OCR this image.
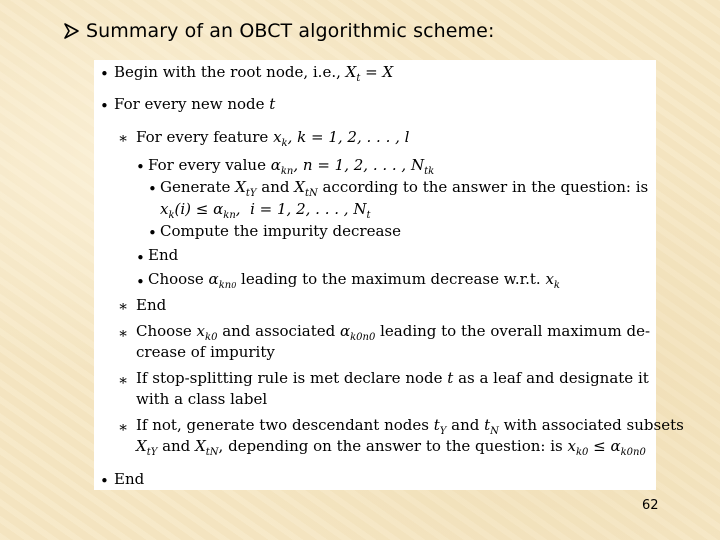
Summary of an OBCT algorithmic scheme:
• Begin with the root node, i.e., $X_t = X$
• For every new node t
∗ For every feature $x_k$, k = 1, 2, . . . , l
• For every value $\alpha_{kn}$, n = 1, 2, . . . , $N_{tk}$
• Generate $X_{tY}$ and $X_{tN}$ according to the answer in the question: is
$x_k(i) \le \alpha_{kn}$, i = 1, 2, . . . , $N_t$
• Compute the impurity decrease
• End
• Choose $\alpha_{kn0}$ leading to the maximum decrease w.r.t. $x_k$
∗ End
∗ Choose $x_{k0}$ and associated $\alpha_{k0n0}$ leading to the overall maximum de-
crease of impurity
∗ If stop-splitting rule is met declare node t as a leaf and designate it
with a class label
∗ If not, generate two descendant nodes $t_Y$ and $t_N$ with associated subsets
$X_{tY}$ and $X_{tN}$, depending on the answer to the question: is $x_{k0} \le \alpha_{k0n0}$
• End
62
